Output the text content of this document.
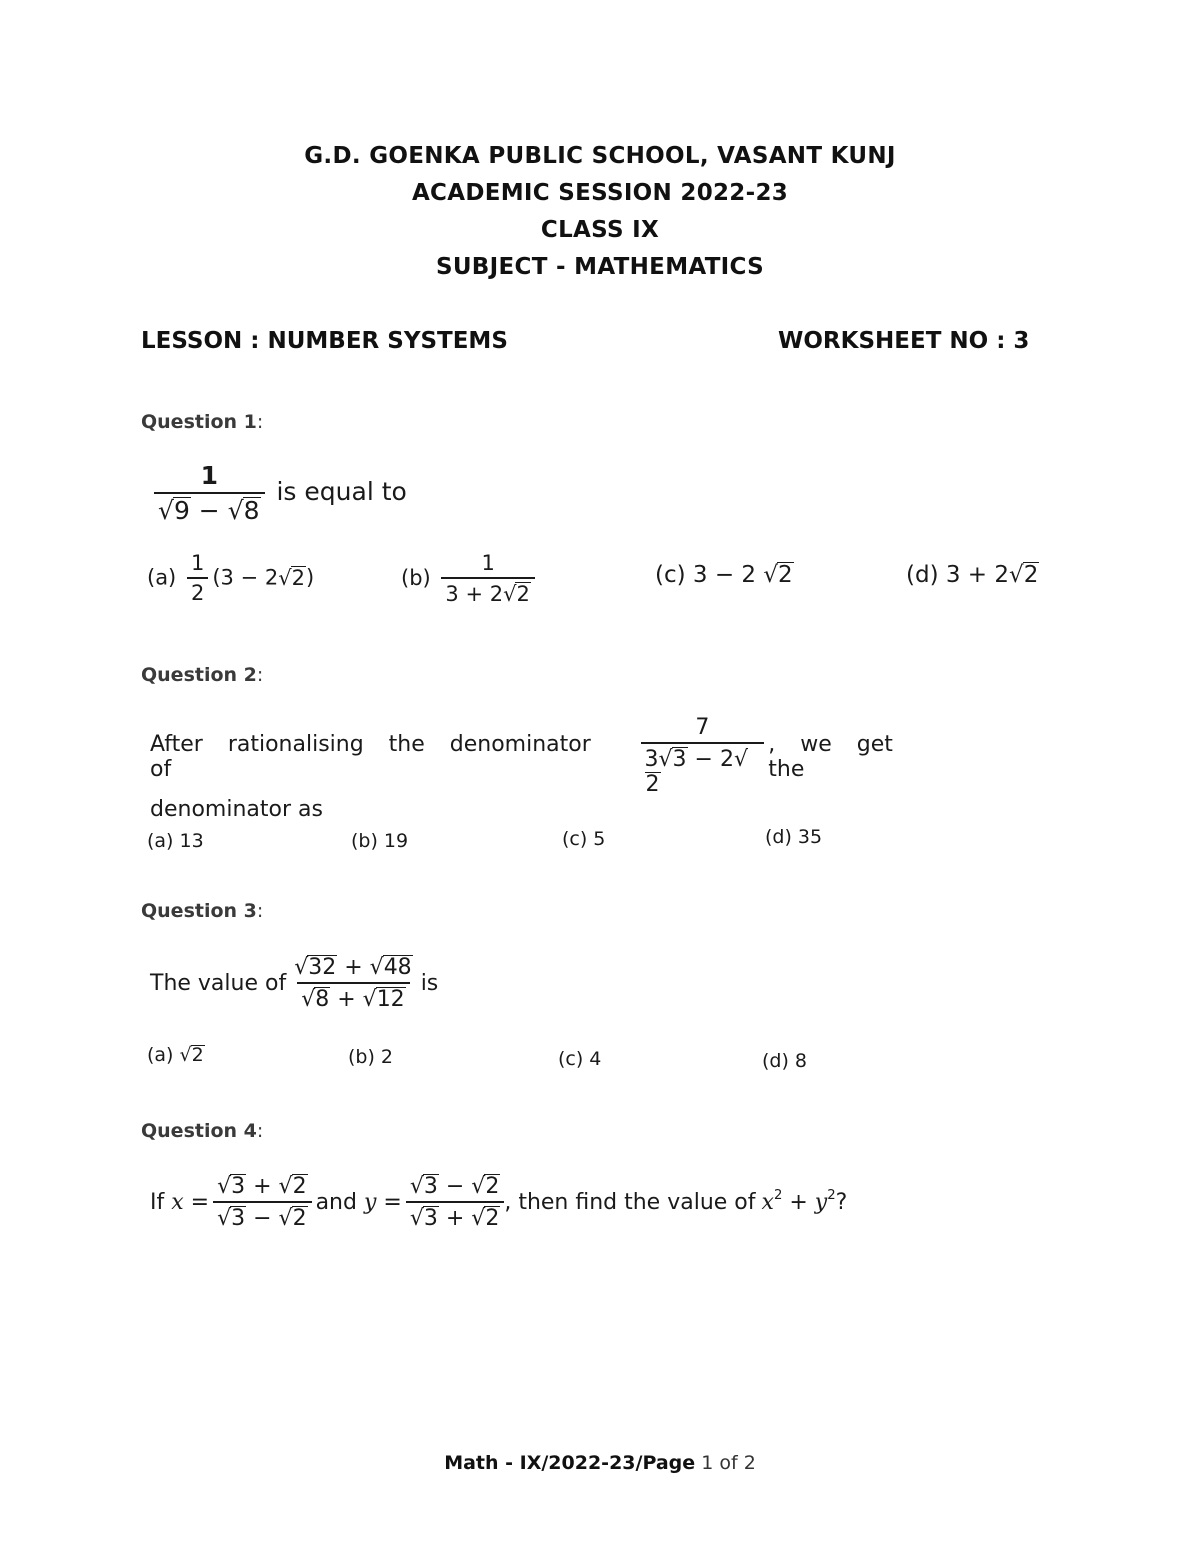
G.D. GOENKA PUBLIC SCHOOL, VASANT KUNJ
ACADEMIC SESSION 2022-23
CLASS IX
SUBJECT - MATHEMATICS
LESSON : NUMBER SYSTEMS	WORKSHEET NO : 3
Question 1:
$\frac{1}{√9 - √8}$ is equal to
$(a) \frac{1}{2} (3 - 2√2)$	$(b) \frac{1}{3 + 2√2}$	(c) 3 − 2 √2	(d) 3 + 2√2
Question 2:
After rationalising the denominator of	$\frac{7}{3√3 - 2√2}$ , we get the
denominator as
(a) 13	(b) 19	(c) 5	(d) 35
Question 3:
The value of $\frac{√32 + √48}{√8 + √12}$ is
(a) √2	(b) 2	(c) 4	(d) 8
Question 4:
If $x = \frac{√3 + √2}{√3 - √2}$ and $y = \frac{√3 - √2}{√3 + √2}$ , then find the value of $x^2 + y^2$?
Math - IX/2022-23/Page 1 of 2
